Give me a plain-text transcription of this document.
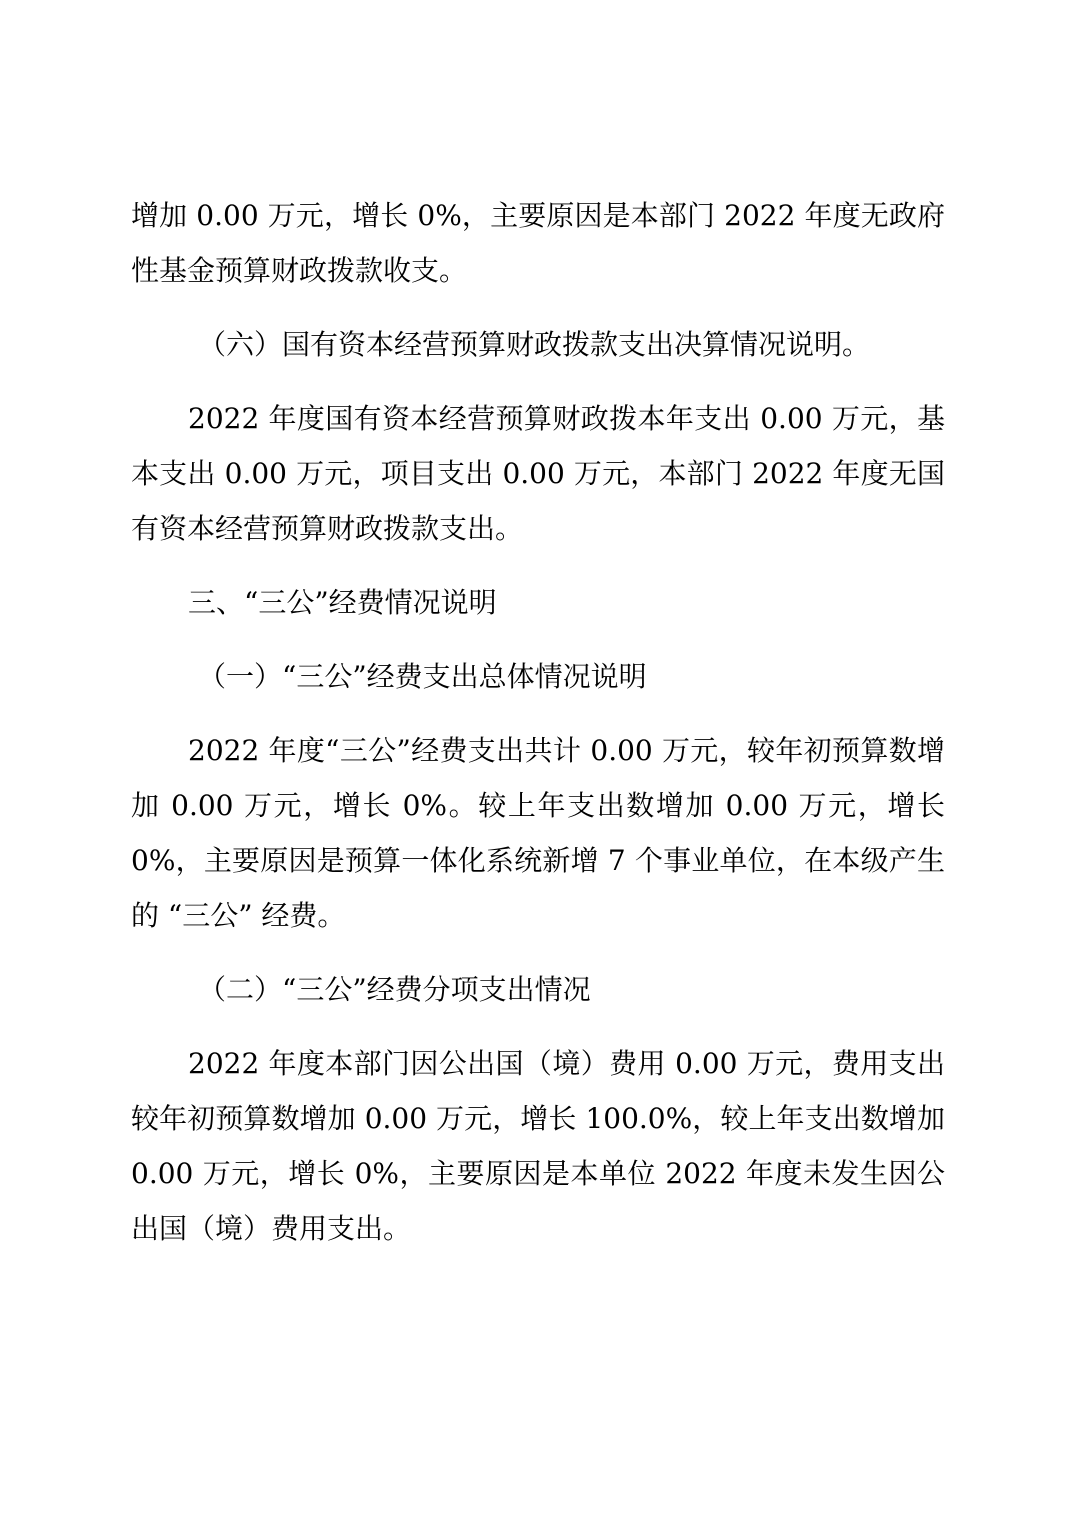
增加 0.00 万元，增长 0%，主要原因是本部门 2022 年度无政府性基金预算财政拨款收支。

（六）国有资本经营预算财政拨款支出决算情况说明。

2022 年度国有资本经营预算财政拨本年支出 0.00 万元，基本支出 0.00 万元，项目支出 0.00 万元，本部门 2022 年度无国有资本经营预算财政拨款支出。

三、“三公”经费情况说明

（一）“三公”经费支出总体情况说明

2022 年度“三公”经费支出共计 0.00 万元，较年初预算数增加 0.00 万元，增长 0%。较上年支出数增加 0.00 万元，增长 0%，主要原因是预算一体化系统新增 7 个事业单位，在本级产生的 “三公” 经费。

（二）“三公”经费分项支出情况

2022 年度本部门因公出国（境）费用 0.00 万元，费用支出较年初预算数增加 0.00 万元，增长 100.0%，较上年支出数增加 0.00 万元，增长 0%，主要原因是本单位 2022 年度未发生因公出国（境）费用支出。
